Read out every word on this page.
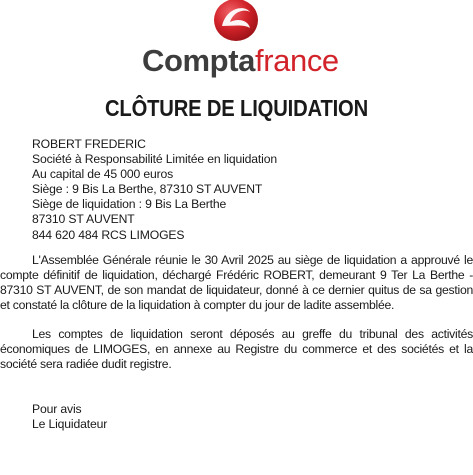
Comptafrance
CLÔTURE DE LIQUIDATION
ROBERT FREDERIC
Société à Responsabilité Limitée en liquidation
Au capital de 45 000 euros
Siège : 9 Bis La Berthe, 87310 ST AUVENT
Siège de liquidation : 9 Bis La Berthe
87310 ST AUVENT
844 620 484 RCS LIMOGES
L'Assemblée Générale réunie le 30 Avril 2025 au siège de liquidation a approuvé le compte définitif de liquidation, déchargé Frédéric ROBERT, demeurant 9 Ter La Berthe - 87310 ST AUVENT, de son mandat de liquidateur, donné à ce dernier quitus de sa gestion et constaté la clôture de la liquidation à compter du jour de ladite assemblée.
Les comptes de liquidation seront déposés au greffe du tribunal des activités économiques de LIMOGES, en annexe au Registre du commerce et des sociétés et la société sera radiée dudit registre.
Pour avis
Le Liquidateur
